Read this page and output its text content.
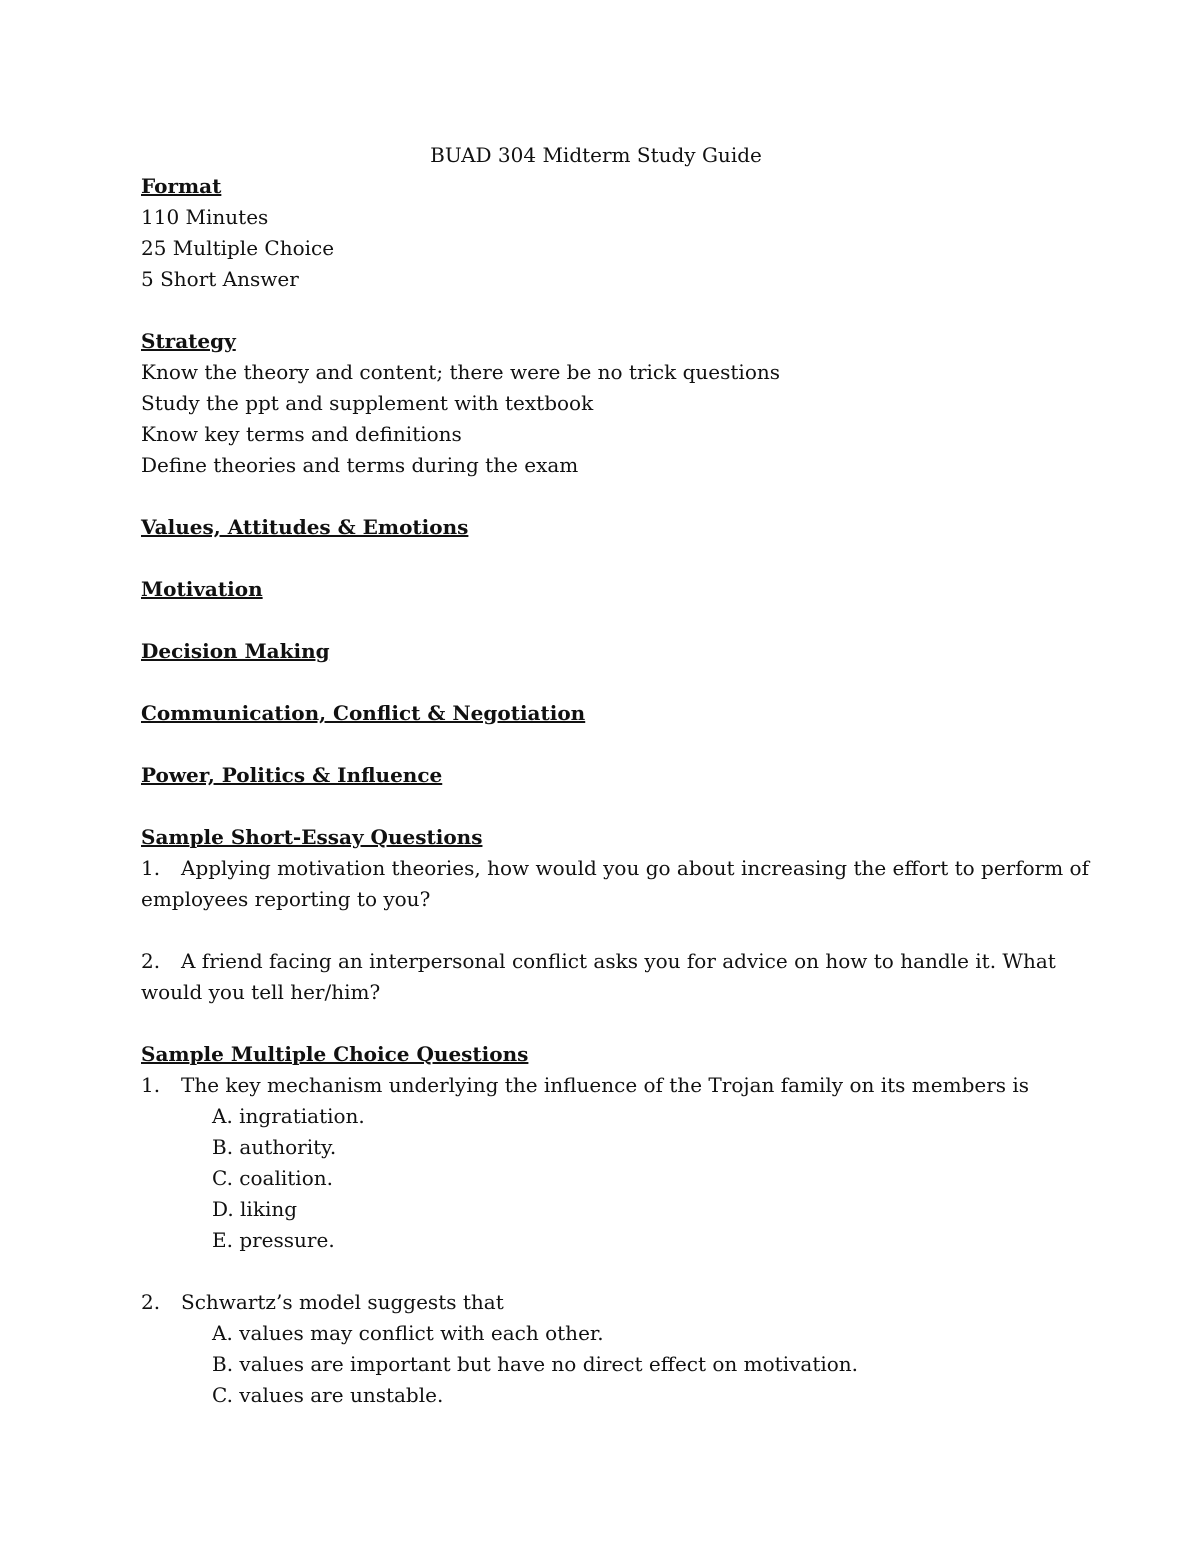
BUAD 304 Midterm Study Guide
Format
110 Minutes
25 Multiple Choice
5 Short Answer
Strategy
Know the theory and content; there were be no trick questions
Study the ppt and supplement with textbook
Know key terms and definitions
Define theories and terms during the exam
Values, Attitudes & Emotions
Motivation
Decision Making
Communication, Conflict & Negotiation
Power, Politics & Influence
Sample Short-Essay Questions
1. Applying motivation theories, how would you go about increasing the effort to perform of
employees reporting to you?
2. A friend facing an interpersonal conflict asks you for advice on how to handle it. What
would you tell her/him?
Sample Multiple Choice Questions
1. The key mechanism underlying the influence of the Trojan family on its members is
A. ingratiation.
B. authority.
C. coalition.
D. liking
E. pressure.
2. Schwartz’s model suggests that
A. values may conflict with each other.
B. values are important but have no direct effect on motivation.
C. values are unstable.
